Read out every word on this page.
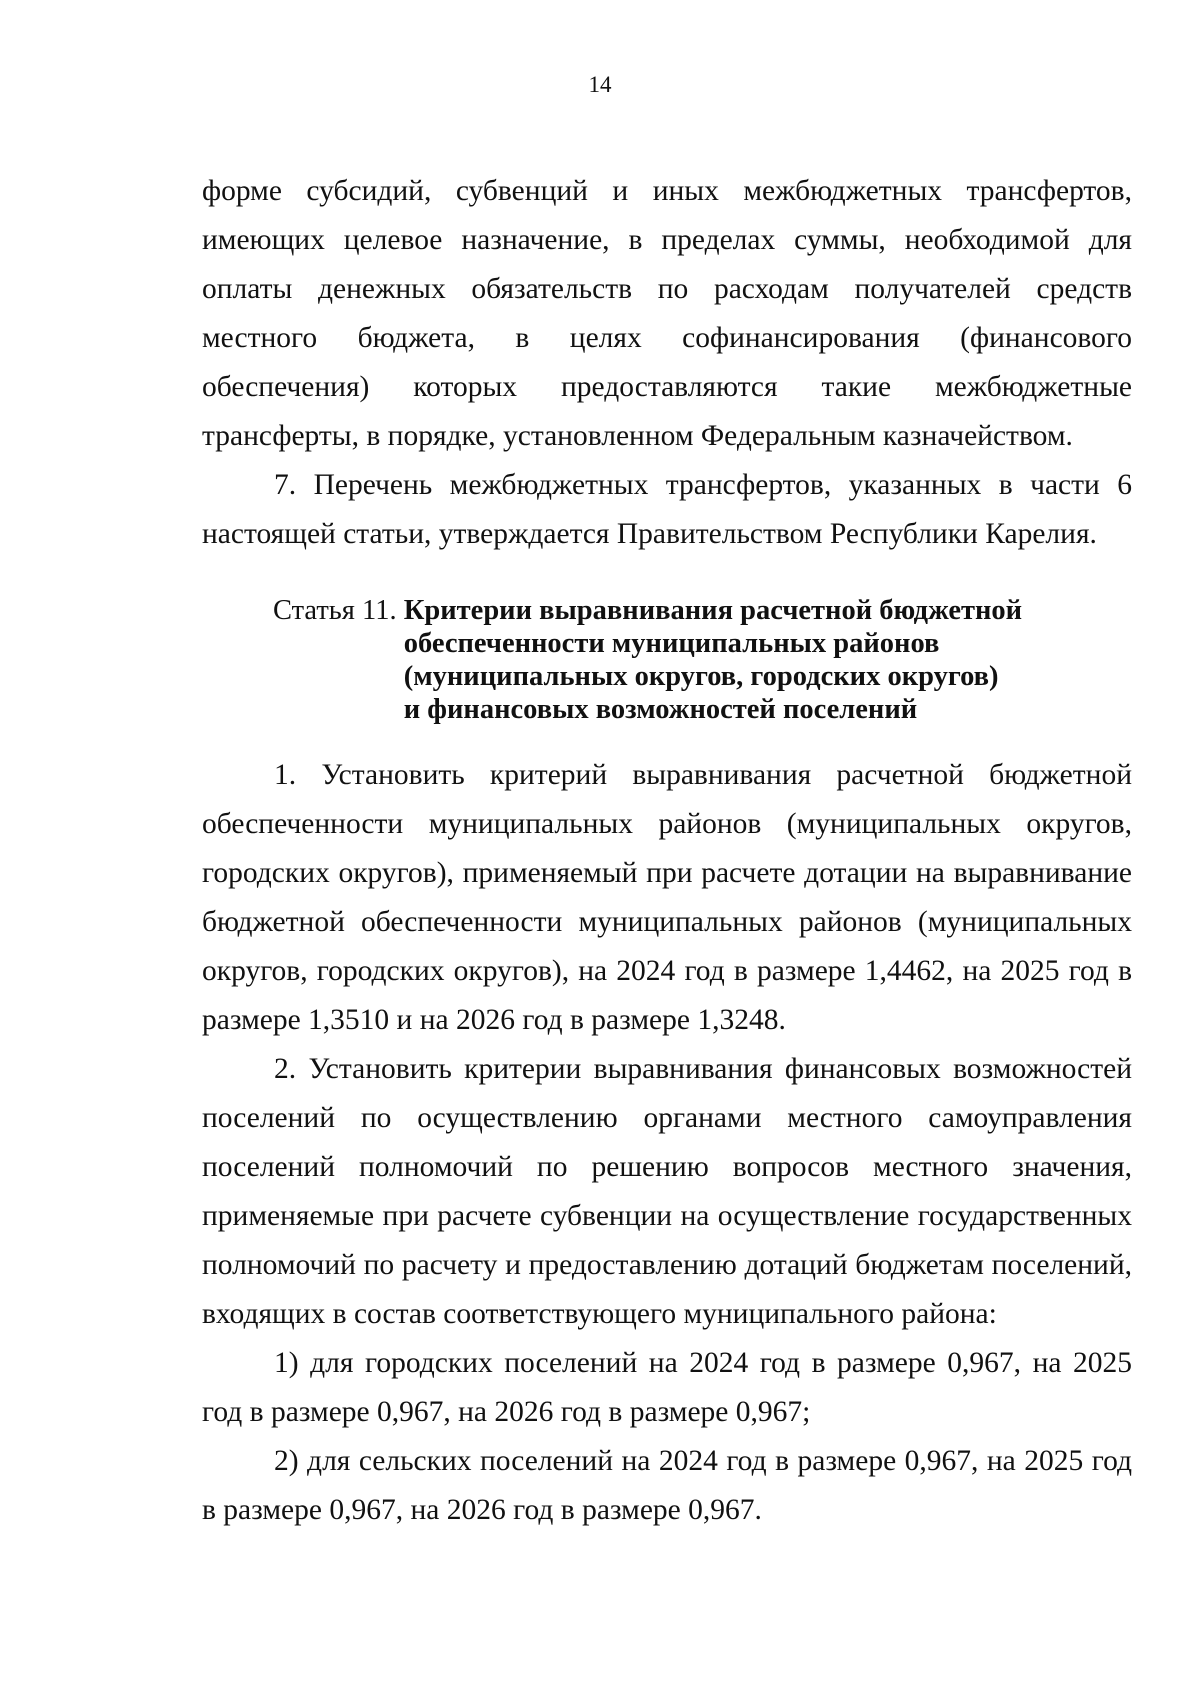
14

форме субсидий, субвенций и иных межбюджетных трансфертов, имеющих целевое назначение, в пределах суммы, необходимой для оплаты денежных обязательств по расходам получателей средств местного бюджета, в целях софинансирования (финансового обеспечения) которых предоставляются такие межбюджетные трансферты, в порядке, установленном Федеральным казначейством.

7. Перечень межбюджетных трансфертов, указанных в части 6 настоящей статьи, утверждается Правительством Республики Карелия.

Статья 11. Критерии выравнивания расчетной бюджетной
обеспеченности муниципальных районов
(муниципальных округов, городских округов)
и финансовых возможностей поселений

1. Установить критерий выравнивания расчетной бюджетной обеспеченности муниципальных районов (муниципальных округов, городских округов), применяемый при расчете дотации на выравнивание бюджетной обеспеченности муниципальных районов (муниципальных округов, городских округов), на 2024 год в размере 1,4462, на 2025 год в размере 1,3510 и на 2026 год в размере 1,3248.

2. Установить критерии выравнивания финансовых возможностей поселений по осуществлению органами местного самоуправления поселений полномочий по решению вопросов местного значения, применяемые при расчете субвенции на осуществление государственных полномочий по расчету и предоставлению дотаций бюджетам поселений, входящих в состав соответствующего муниципального района:

1) для городских поселений на 2024 год в размере 0,967, на 2025 год в размере 0,967, на 2026 год в размере 0,967;

2) для сельских поселений на 2024 год в размере 0,967, на 2025 год в размере 0,967, на 2026 год в размере 0,967.
